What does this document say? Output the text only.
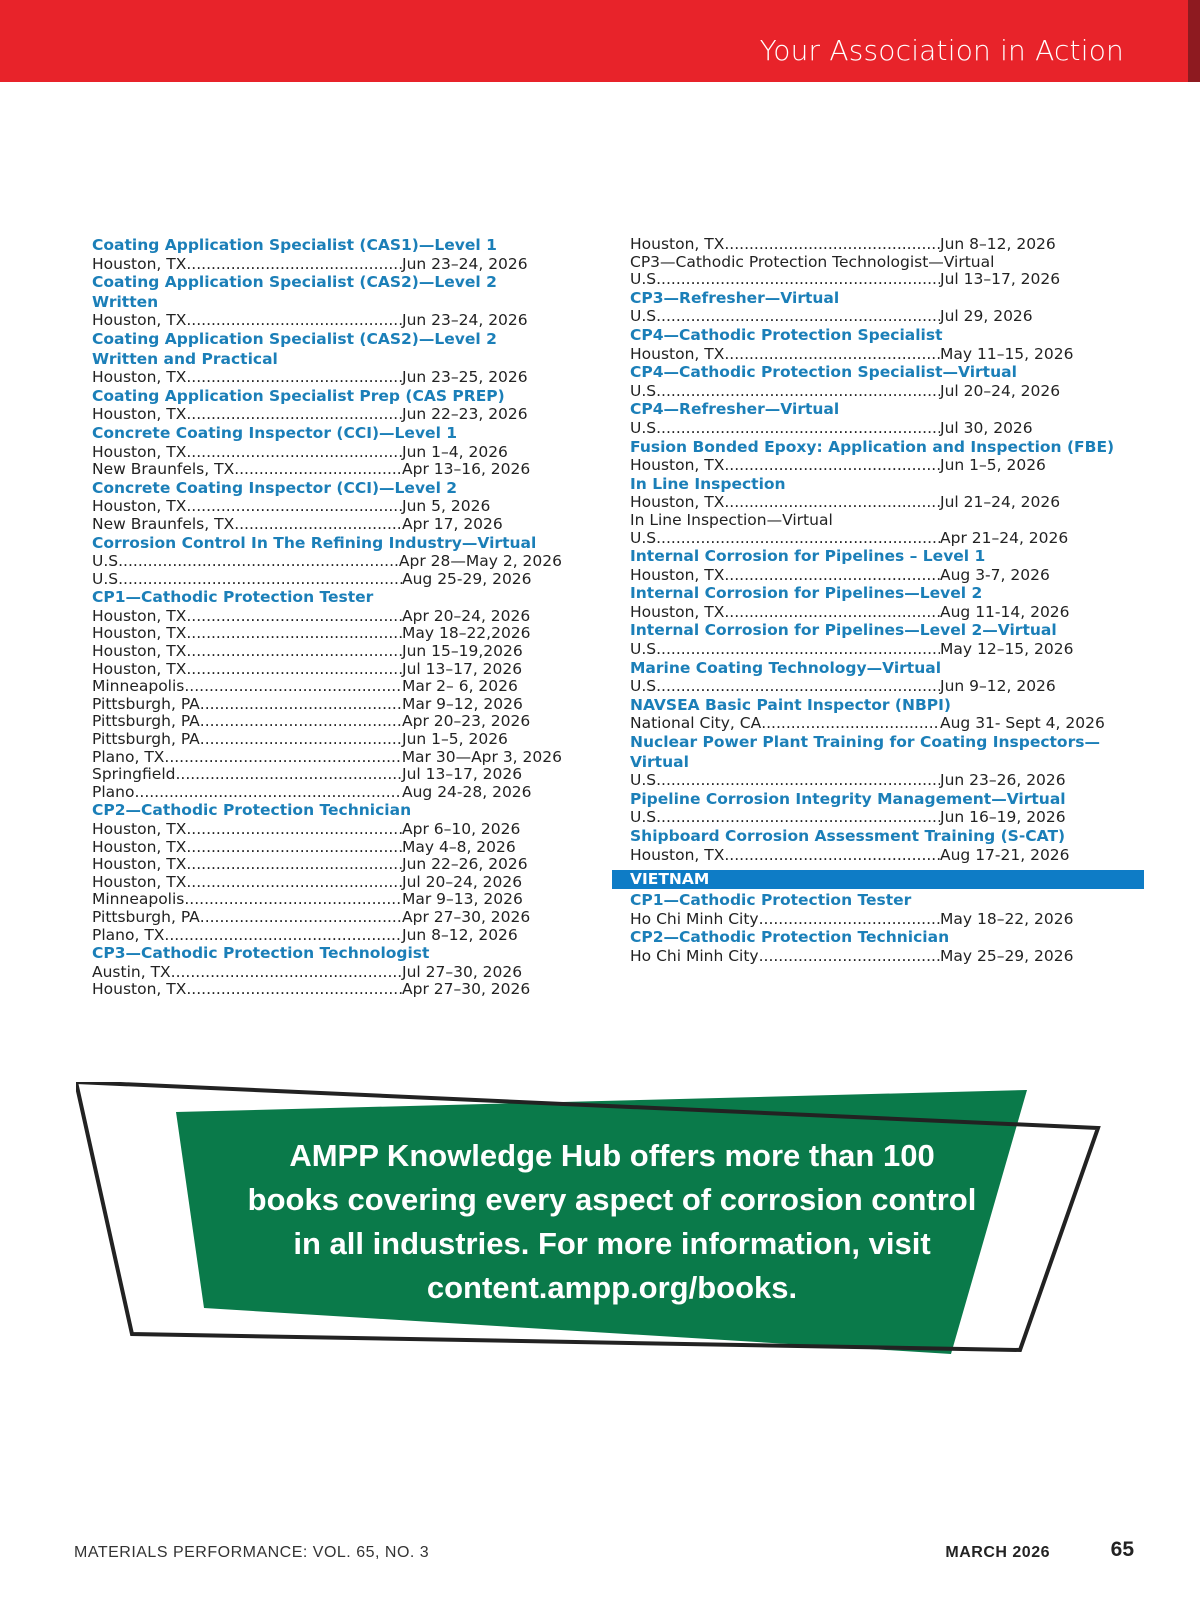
Your Association in Action
Coating Application Specialist (CAS1)—Level 1
Houston, TX .....	Jun 23–24, 2026
Coating Application Specialist (CAS2)—Level 2 Written
Houston, TX .....	Jun 23–24, 2026
Coating Application Specialist (CAS2)—Level 2 Written and Practical
Houston, TX .....	Jun 23–25, 2026
Coating Application Specialist Prep (CAS PREP)
Houston, TX .....	Jun 22–23, 2026
Concrete Coating Inspector (CCI)—Level 1
Houston, TX .....	Jun 1–4, 2026
New Braunfels, TX .....	Apr 13–16, 2026
Concrete Coating Inspector (CCI)—Level 2
Houston, TX .....	Jun 5, 2026
New Braunfels, TX .....	Apr 17, 2026
Corrosion Control In The Refining Industry—Virtual
U.S. .....	Apr 28—May 2, 2026
U.S. .....	Aug 25-29, 2026
CP1—Cathodic Protection Tester
Houston, TX .....	Apr 20–24, 2026
Houston, TX .....	May 18–22,2026
Houston, TX .....	Jun 15–19,2026
Houston, TX .....	Jul 13–17, 2026
Minneapolis .....	Mar 2– 6, 2026
Pittsburgh, PA .....	Mar 9–12, 2026
Pittsburgh, PA .....	Apr 20–23, 2026
Pittsburgh, PA .....	Jun 1–5, 2026
Plano, TX .....	Mar 30—Apr 3, 2026
Springfield .....	Jul 13–17, 2026
Plano .....	Aug 24-28, 2026
CP2—Cathodic Protection Technician
Houston, TX .....	Apr 6–10, 2026
Houston, TX .....	May 4–8, 2026
Houston, TX .....	Jun 22–26, 2026
Houston, TX .....	Jul 20–24, 2026
Minneapolis .....	Mar 9–13, 2026
Pittsburgh, PA .....	Apr 27–30, 2026
Plano, TX .....	Jun 8–12, 2026
CP3—Cathodic Protection Technologist
Austin, TX .....	Jul 27–30, 2026
Houston, TX .....	Apr 27–30, 2026
Houston, TX .....	Jun 8–12, 2026
CP3—Cathodic Protection Technologist—Virtual
U.S. .....	Jul 13–17, 2026
CP3—Refresher—Virtual
U.S. .....	Jul 29, 2026
CP4—Cathodic Protection Specialist
Houston, TX .....	May 11–15, 2026
CP4—Cathodic Protection Specialist—Virtual
U.S. .....	Jul 20–24, 2026
CP4—Refresher—Virtual
U.S. .....	Jul 30, 2026
Fusion Bonded Epoxy: Application and Inspection (FBE)
Houston, TX .....	Jun 1–5, 2026
In Line Inspection
Houston, TX .....	Jul 21–24, 2026
In Line Inspection—Virtual
U.S. .....	Apr 21–24, 2026
Internal Corrosion for Pipelines – Level 1
Houston, TX .....	Aug 3-7, 2026
Internal Corrosion for Pipelines—Level 2
Houston, TX .....	Aug 11-14, 2026
Internal Corrosion for Pipelines—Level 2—Virtual
U.S. .....	May 12–15, 2026
Marine Coating Technology—Virtual
U.S. .....	Jun 9–12, 2026
NAVSEA Basic Paint Inspector (NBPI)
National City, CA .....	Aug 31- Sept 4, 2026
Nuclear Power Plant Training for Coating Inspectors—Virtual
U.S. .....	Jun 23–26, 2026
Pipeline Corrosion Integrity Management—Virtual
U.S. .....	Jun 16–19, 2026
Shipboard Corrosion Assessment Training (S-CAT)
Houston, TX .....	Aug 17-21, 2026
VIETNAM
CP1—Cathodic Protection Tester
Ho Chi Minh City .....	May 18–22, 2026
CP2—Cathodic Protection Technician
Ho Chi Minh City .....	May 25–29, 2026
AMPP Knowledge Hub offers more than 100
books covering every aspect of corrosion control
in all industries. For more information, visit
content.ampp.org/books.
MATERIALS PERFORMANCE: VOL. 65, NO. 3	MARCH 2026	65
